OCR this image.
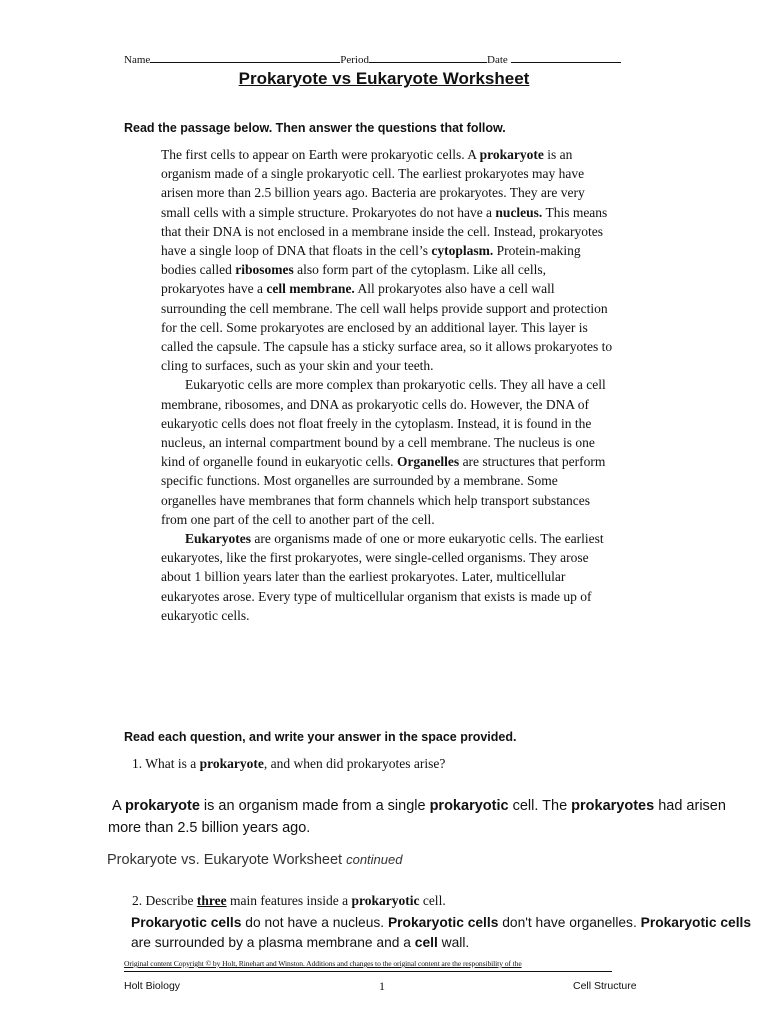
Name	Period	Date
Prokaryote vs Eukaryote Worksheet
Read the passage below. Then answer the questions that follow.

The first cells to appear on Earth were prokaryotic cells. A prokaryote is an organism made of a single prokaryotic cell. The earliest prokaryotes may have arisen more than 2.5 billion years ago. Bacteria are prokaryotes. They are very small cells with a simple structure. Prokaryotes do not have a nucleus. This means that their DNA is not enclosed in a membrane inside the cell. Instead, prokaryotes have a single loop of DNA that floats in the cell’s cytoplasm. Protein-making bodies called ribosomes also form part of the cytoplasm. Like all cells, prokaryotes have a cell membrane. All prokaryotes also have a cell wall surrounding the cell membrane. The cell wall helps provide support and protection for the cell. Some prokaryotes are enclosed by an additional layer. This layer is called the capsule. The capsule has a sticky surface area, so it allows prokaryotes to cling to surfaces, such as your skin and your teeth.

Eukaryotic cells are more complex than prokaryotic cells. They all have a cell membrane, ribosomes, and DNA as prokaryotic cells do. However, the DNA of eukaryotic cells does not float freely in the cytoplasm. Instead, it is found in the nucleus, an internal compartment bound by a cell membrane. The nucleus is one kind of organelle found in eukaryotic cells. Organelles are structures that perform specific functions. Most organelles are surrounded by a membrane. Some organelles have membranes that form channels which help transport substances from one part of the cell to another part of the cell.

Eukaryotes are organisms made of one or more eukaryotic cells. The earliest eukaryotes, like the first prokaryotes, were single-celled organisms. They arose about 1 billion years later than the earliest prokaryotes. Later, multicellular eukaryotes arose. Every type of multicellular organism that exists is made up of eukaryotic cells.

Read each question, and write your answer in the space provided.
1. What is a prokaryote, and when did prokaryotes arise?
A prokaryote is an organism made from a single prokaryotic cell. The prokaryotes had arisen more than 2.5 billion years ago.
Prokaryote vs. Eukaryote Worksheet continued
2. Describe three main features inside a prokaryotic cell.
Prokaryotic cells do not have a nucleus. Prokaryotic cells don't have organelles. Prokaryotic cells are surrounded by a plasma membrane and a cell wall.
Original content Copyright © by Holt, Rinehart and Winston. Additions and changes to the original content are the responsibility of the
Holt Biology	1	Cell Structure
